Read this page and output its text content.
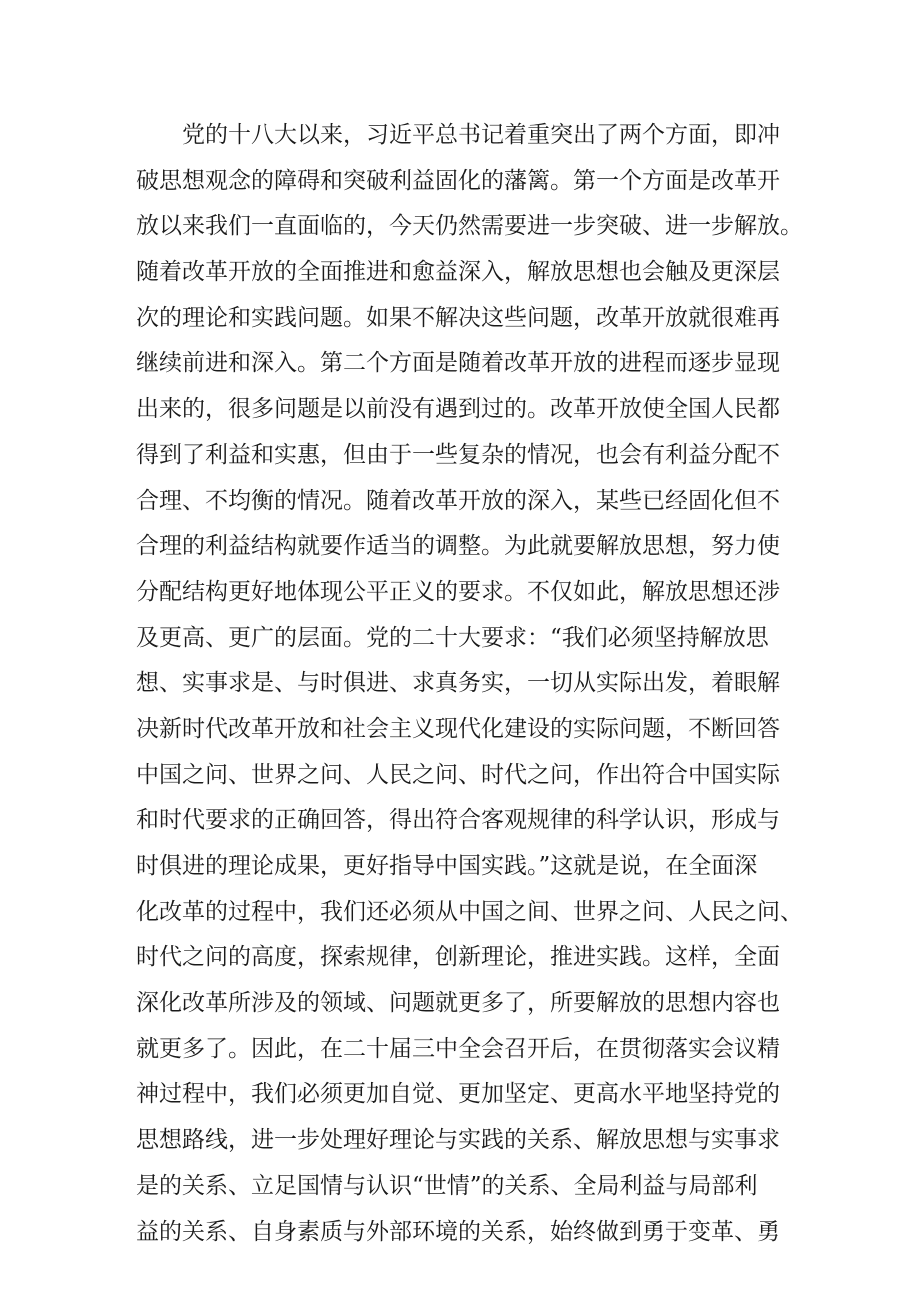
党的十八大以来，习近平总书记着重突出了两个方面，即冲
破思想观念的障碍和突破利益固化的藩篱。第一个方面是改革开
放以来我们一直面临的，今天仍然需要进一步突破、进一步解放。
随着改革开放的全面推进和愈益深入，解放思想也会触及更深层
次的理论和实践问题。如果不解决这些问题，改革开放就很难再
继续前进和深入。第二个方面是随着改革开放的进程而逐步显现
出来的，很多问题是以前没有遇到过的。改革开放使全国人民都
得到了利益和实惠，但由于一些复杂的情况，也会有利益分配不
合理、不均衡的情况。随着改革开放的深入，某些已经固化但不
合理的利益结构就要作适当的调整。为此就要解放思想，努力使
分配结构更好地体现公平正义的要求。不仅如此，解放思想还涉
及更高、更广的层面。党的二十大要求：“我们必须坚持解放思
想、实事求是、与时俱进、求真务实，一切从实际出发，着眼解
决新时代改革开放和社会主义现代化建设的实际问题，不断回答
中国之问、世界之问、人民之问、时代之问，作出符合中国实际
和时代要求的正确回答，得出符合客观规律的科学认识，形成与
时俱进的理论成果，更好指导中国实践。”这就是说，在全面深
化改革的过程中，我们还必须从中国之间、世界之问、人民之问、
时代之问的高度，探索规律，创新理论，推进实践。这样，全面
深化改革所涉及的领域、问题就更多了，所要解放的思想内容也
就更多了。因此，在二十届三中全会召开后，在贯彻落实会议精
神过程中，我们必须更加自觉、更加坚定、更高水平地坚持党的
思想路线，进一步处理好理论与实践的关系、解放思想与实事求
是的关系、立足国情与认识“世情”的关系、全局利益与局部利
益的关系、自身素质与外部环境的关系，始终做到勇于变革、勇
